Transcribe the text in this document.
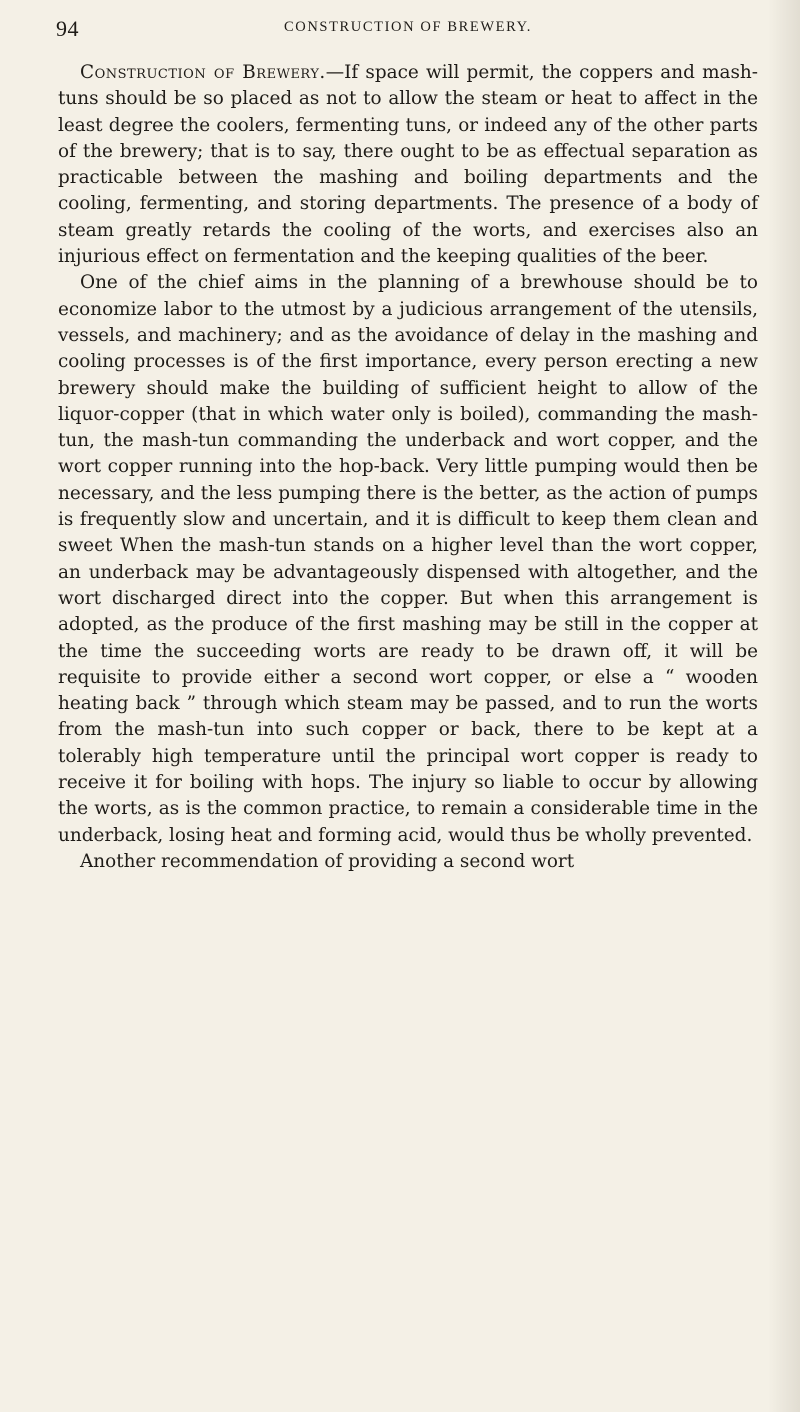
94	CONSTRUCTION OF BREWERY.

Construction of Brewery.—If space will permit, the coppers and mash-tuns should be so placed as not to allow the steam or heat to affect in the least degree the coolers, fermenting tuns, or indeed any of the other parts of the brewery; that is to say, there ought to be as effectual separation as practicable between the mashing and boiling departments and the cooling, fermenting, and storing departments. The presence of a body of steam greatly retards the cooling of the worts, and exercises also an injurious effect on fermentation and the keeping qualities of the beer.

One of the chief aims in the planning of a brewhouse should be to economize labor to the utmost by a judicious arrangement of the utensils, vessels, and machinery; and as the avoidance of delay in the mashing and cooling processes is of the first importance, every person erecting a new brewery should make the building of sufficient height to allow of the liquor-copper (that in which water only is boiled), commanding the mash-tun, the mash-tun commanding the underback and wort copper, and the wort copper running into the hop-back. Very little pumping would then be necessary, and the less pumping there is the better, as the action of pumps is frequently slow and uncertain, and it is difficult to keep them clean and sweet When the mash-tun stands on a higher level than the wort copper, an underback may be advantageously dispensed with altogether, and the wort discharged direct into the copper. But when this arrangement is adopted, as the produce of the first mashing may be still in the copper at the time the succeeding worts are ready to be drawn off, it will be requisite to provide either a second wort copper, or else a “ wooden heating back ” through which steam may be passed, and to run the worts from the mash-tun into such copper or back, there to be kept at a tolerably high temperature until the principal wort copper is ready to receive it for boiling with hops. The injury so liable to occur by allowing the worts, as is the common practice, to remain a considerable time in the underback, losing heat and forming acid, would thus be wholly prevented.

Another recommendation of providing a second wort
